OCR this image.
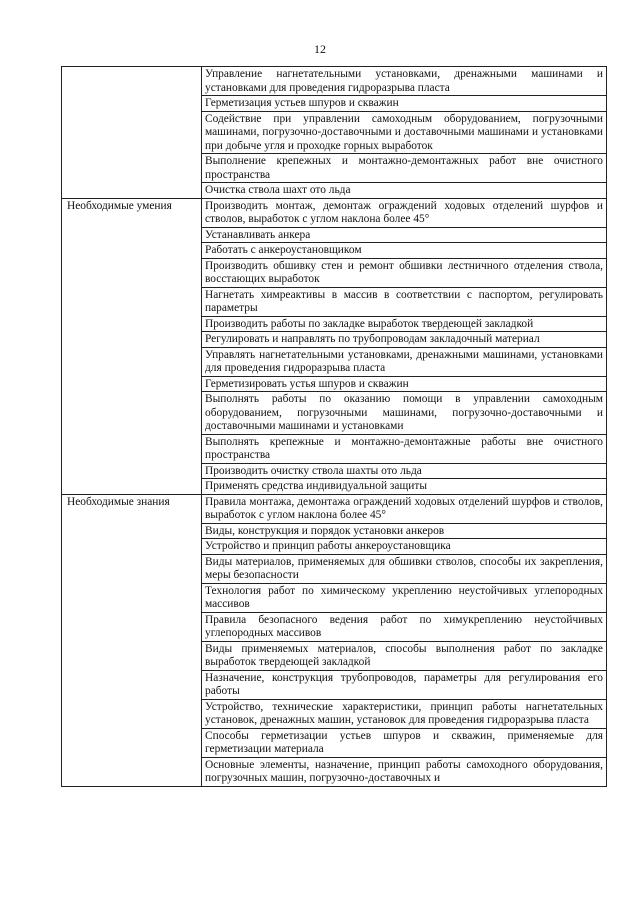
12
	Управление нагнетательными установками, дренажными машинами и установками для проведения гидроразрыва пласта
	Герметизация устьев шпуров и скважин
	Содействие при управлении самоходным оборудованием, погрузочными машинами, погрузочно-доставочными и доставочными машинами и установками при добыче угля и проходке горных выработок
	Выполнение крепежных и монтажно-демонтажных работ вне очистного пространства
	Очистка ствола шахт ото льда
Необходимые умения	Производить монтаж, демонтаж ограждений ходовых отделений шурфов и стволов, выработок с углом наклона более 45°
	Устанавливать анкера
	Работать с анкероустановщиком
	Производить обшивку стен и ремонт обшивки лестничного отделения ствола, восстающих выработок
	Нагнетать химреактивы в массив в соответствии с паспортом, регулировать параметры
	Производить работы по закладке выработок твердеющей закладкой
	Регулировать и направлять по трубопроводам закладочный материал
	Управлять нагнетательными установками, дренажными машинами, установками для проведения гидроразрыва пласта
	Герметизировать устья шпуров и скважин
	Выполнять работы по оказанию помощи в управлении самоходным оборудованием, погрузочными машинами, погрузочно-доставочными и доставочными машинами и установками
	Выполнять крепежные и монтажно-демонтажные работы вне очистного пространства
	Производить очистку ствола шахты ото льда
	Применять средства индивидуальной защиты
Необходимые знания	Правила монтажа, демонтажа ограждений ходовых отделений шурфов и стволов, выработок с углом наклона более 45°
	Виды, конструкция и порядок установки анкеров
	Устройство и принцип работы анкероустановщика
	Виды материалов, применяемых для обшивки стволов, способы их закрепления, меры безопасности
	Технология работ по химическому укреплению неустойчивых углепородных массивов
	Правила безопасного ведения работ по химукреплению неустойчивых углепородных массивов
	Виды применяемых материалов, способы выполнения работ по закладке выработок твердеющей закладкой
	Назначение, конструкция трубопроводов, параметры для регулирования его работы
	Устройство, технические характеристики, принцип работы нагнетательных установок, дренажных машин, установок для проведения гидроразрыва пласта
	Способы герметизации устьев шпуров и скважин, применяемые для герметизации материала
	Основные элементы, назначение, принцип работы самоходного оборудования, погрузочных машин, погрузочно-доставочных и
